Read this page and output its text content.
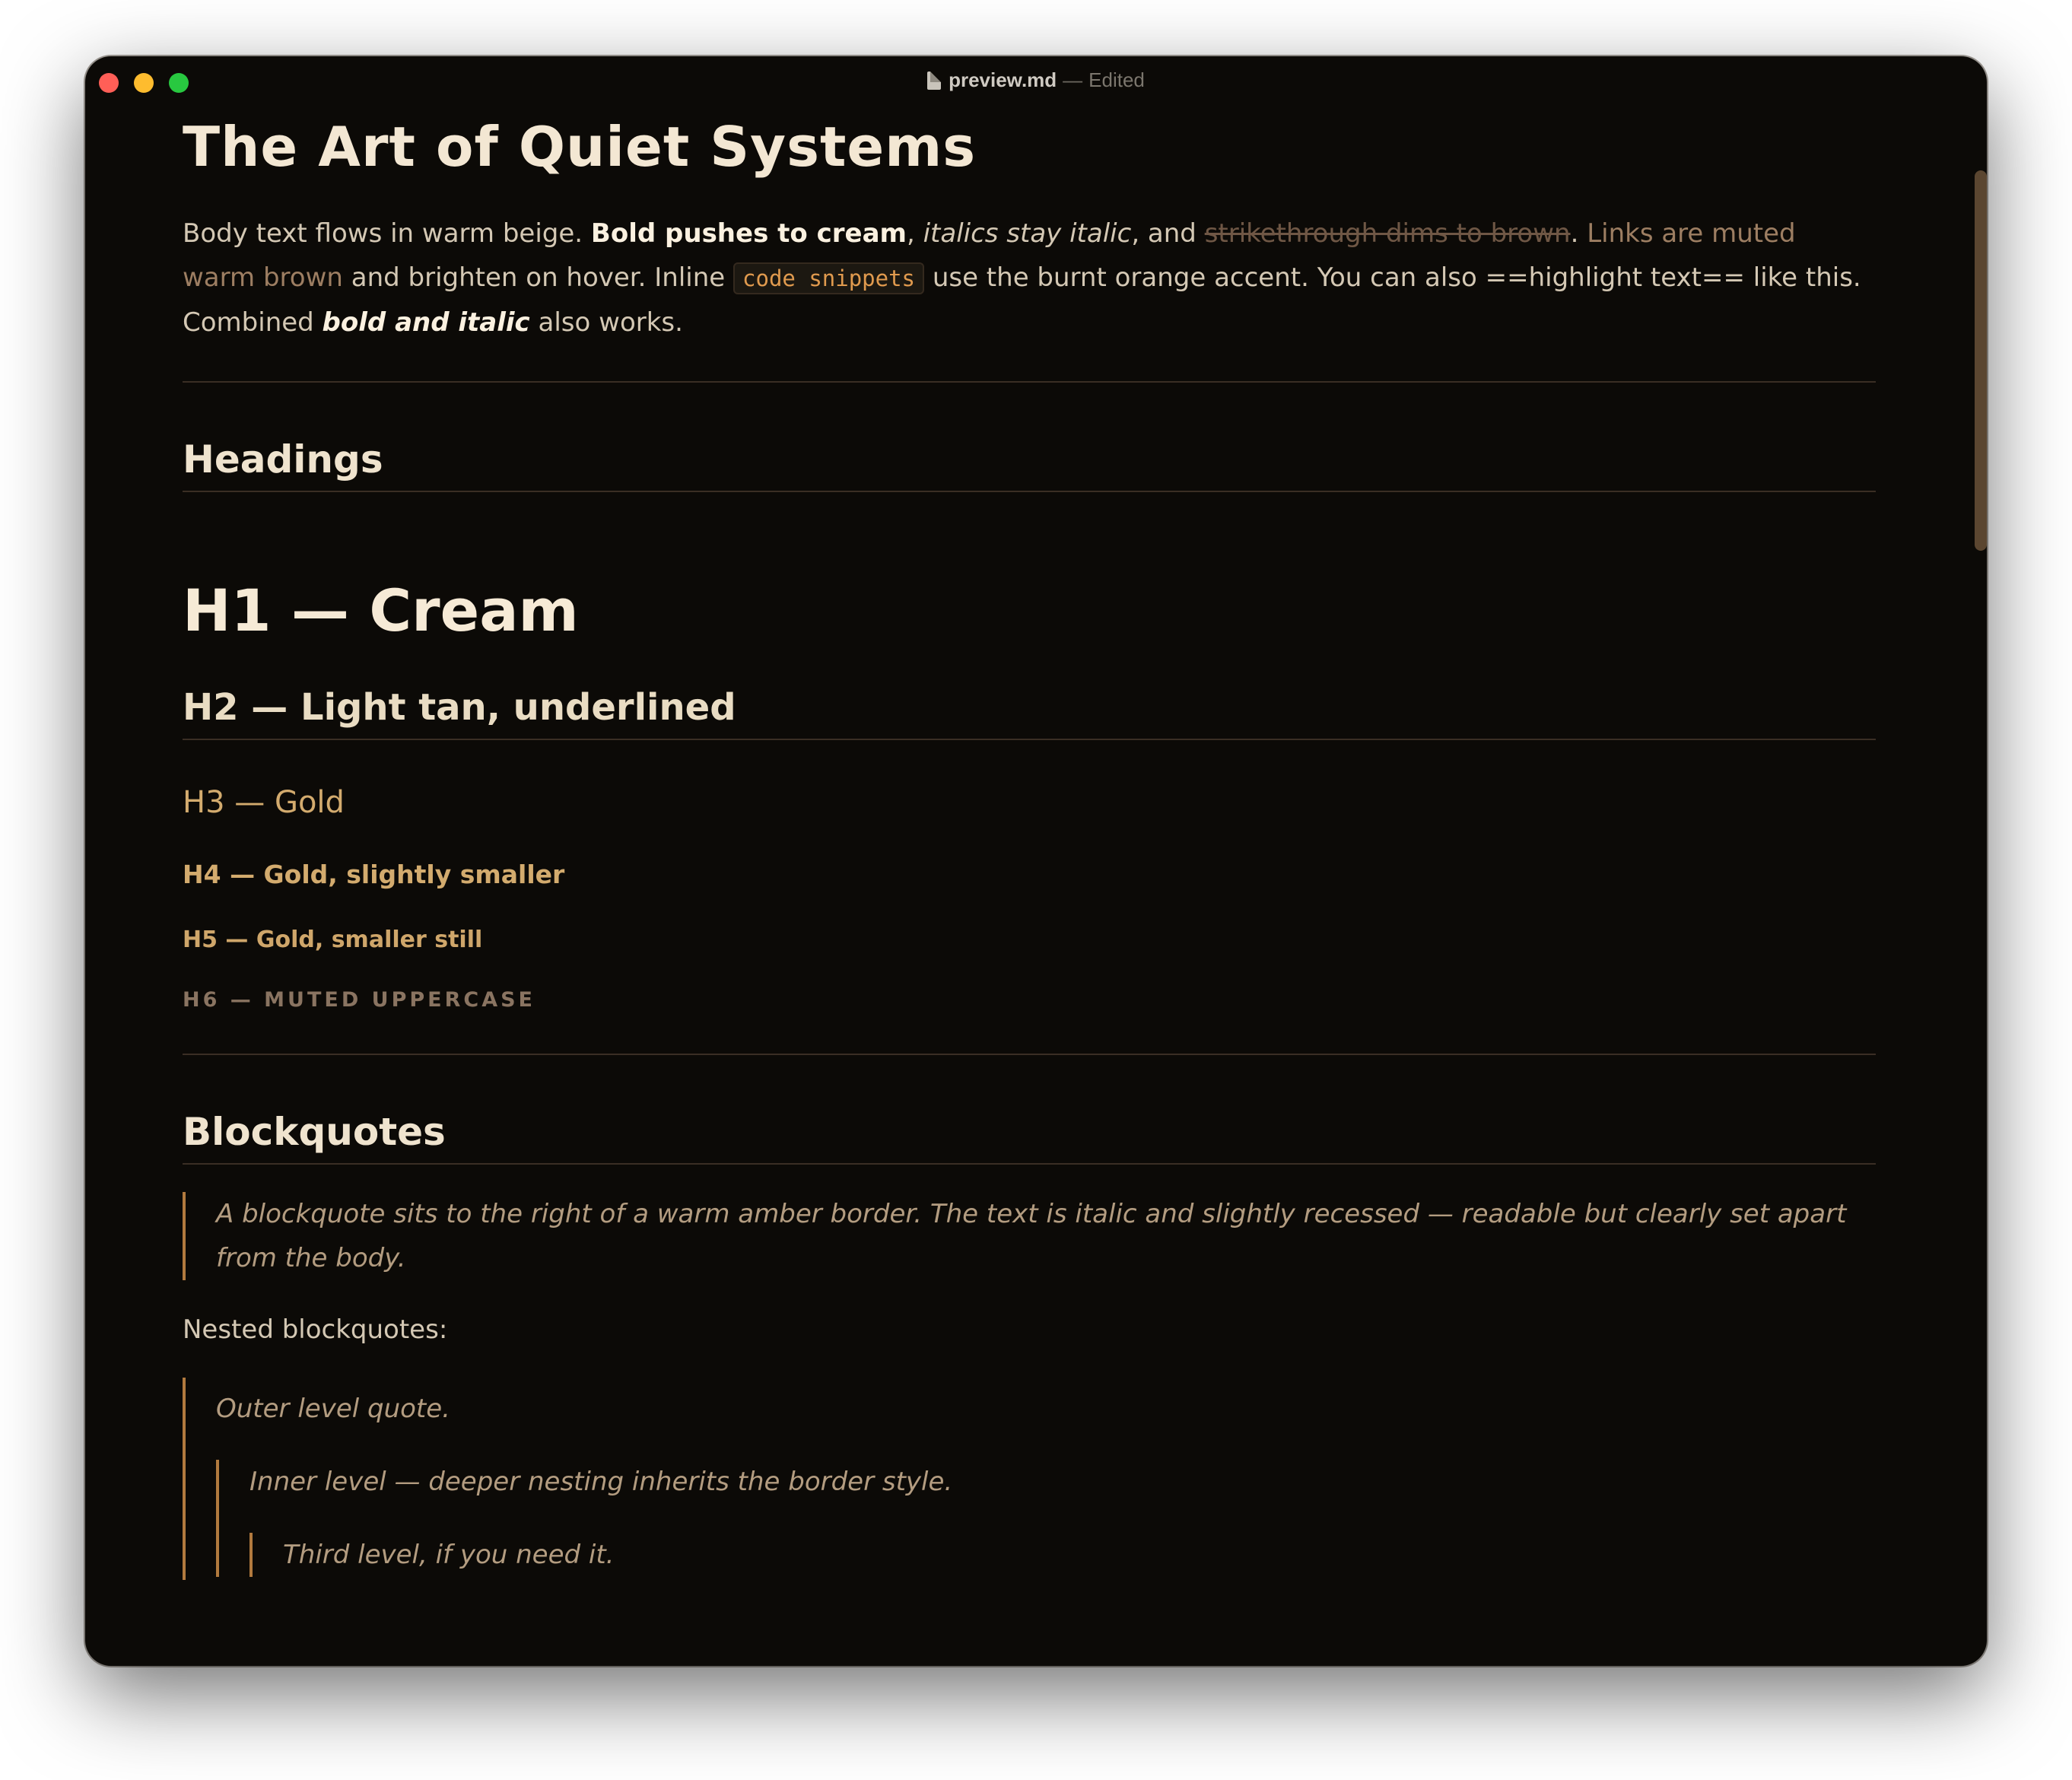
preview.md — Edited
The Art of Quiet Systems
Body text flows in warm beige. Bold pushes to cream, italics stay italic, and strikethrough dims to brown. Links are muted warm brown and brighten on hover. Inline code snippets use the burnt orange accent. You can also ==highlight text== like this. Combined bold and italic also works.
Headings
H1 — Cream
H2 — Light tan, underlined
H3 — Gold
H4 — Gold, slightly smaller
H5 — Gold, smaller still
H6 — MUTED UPPERCASE
Blockquotes
A blockquote sits to the right of a warm amber border. The text is italic and slightly recessed — readable but clearly set apart from the body.
Nested blockquotes:
Outer level quote.
Inner level — deeper nesting inherits the border style.
Third level, if you need it.
